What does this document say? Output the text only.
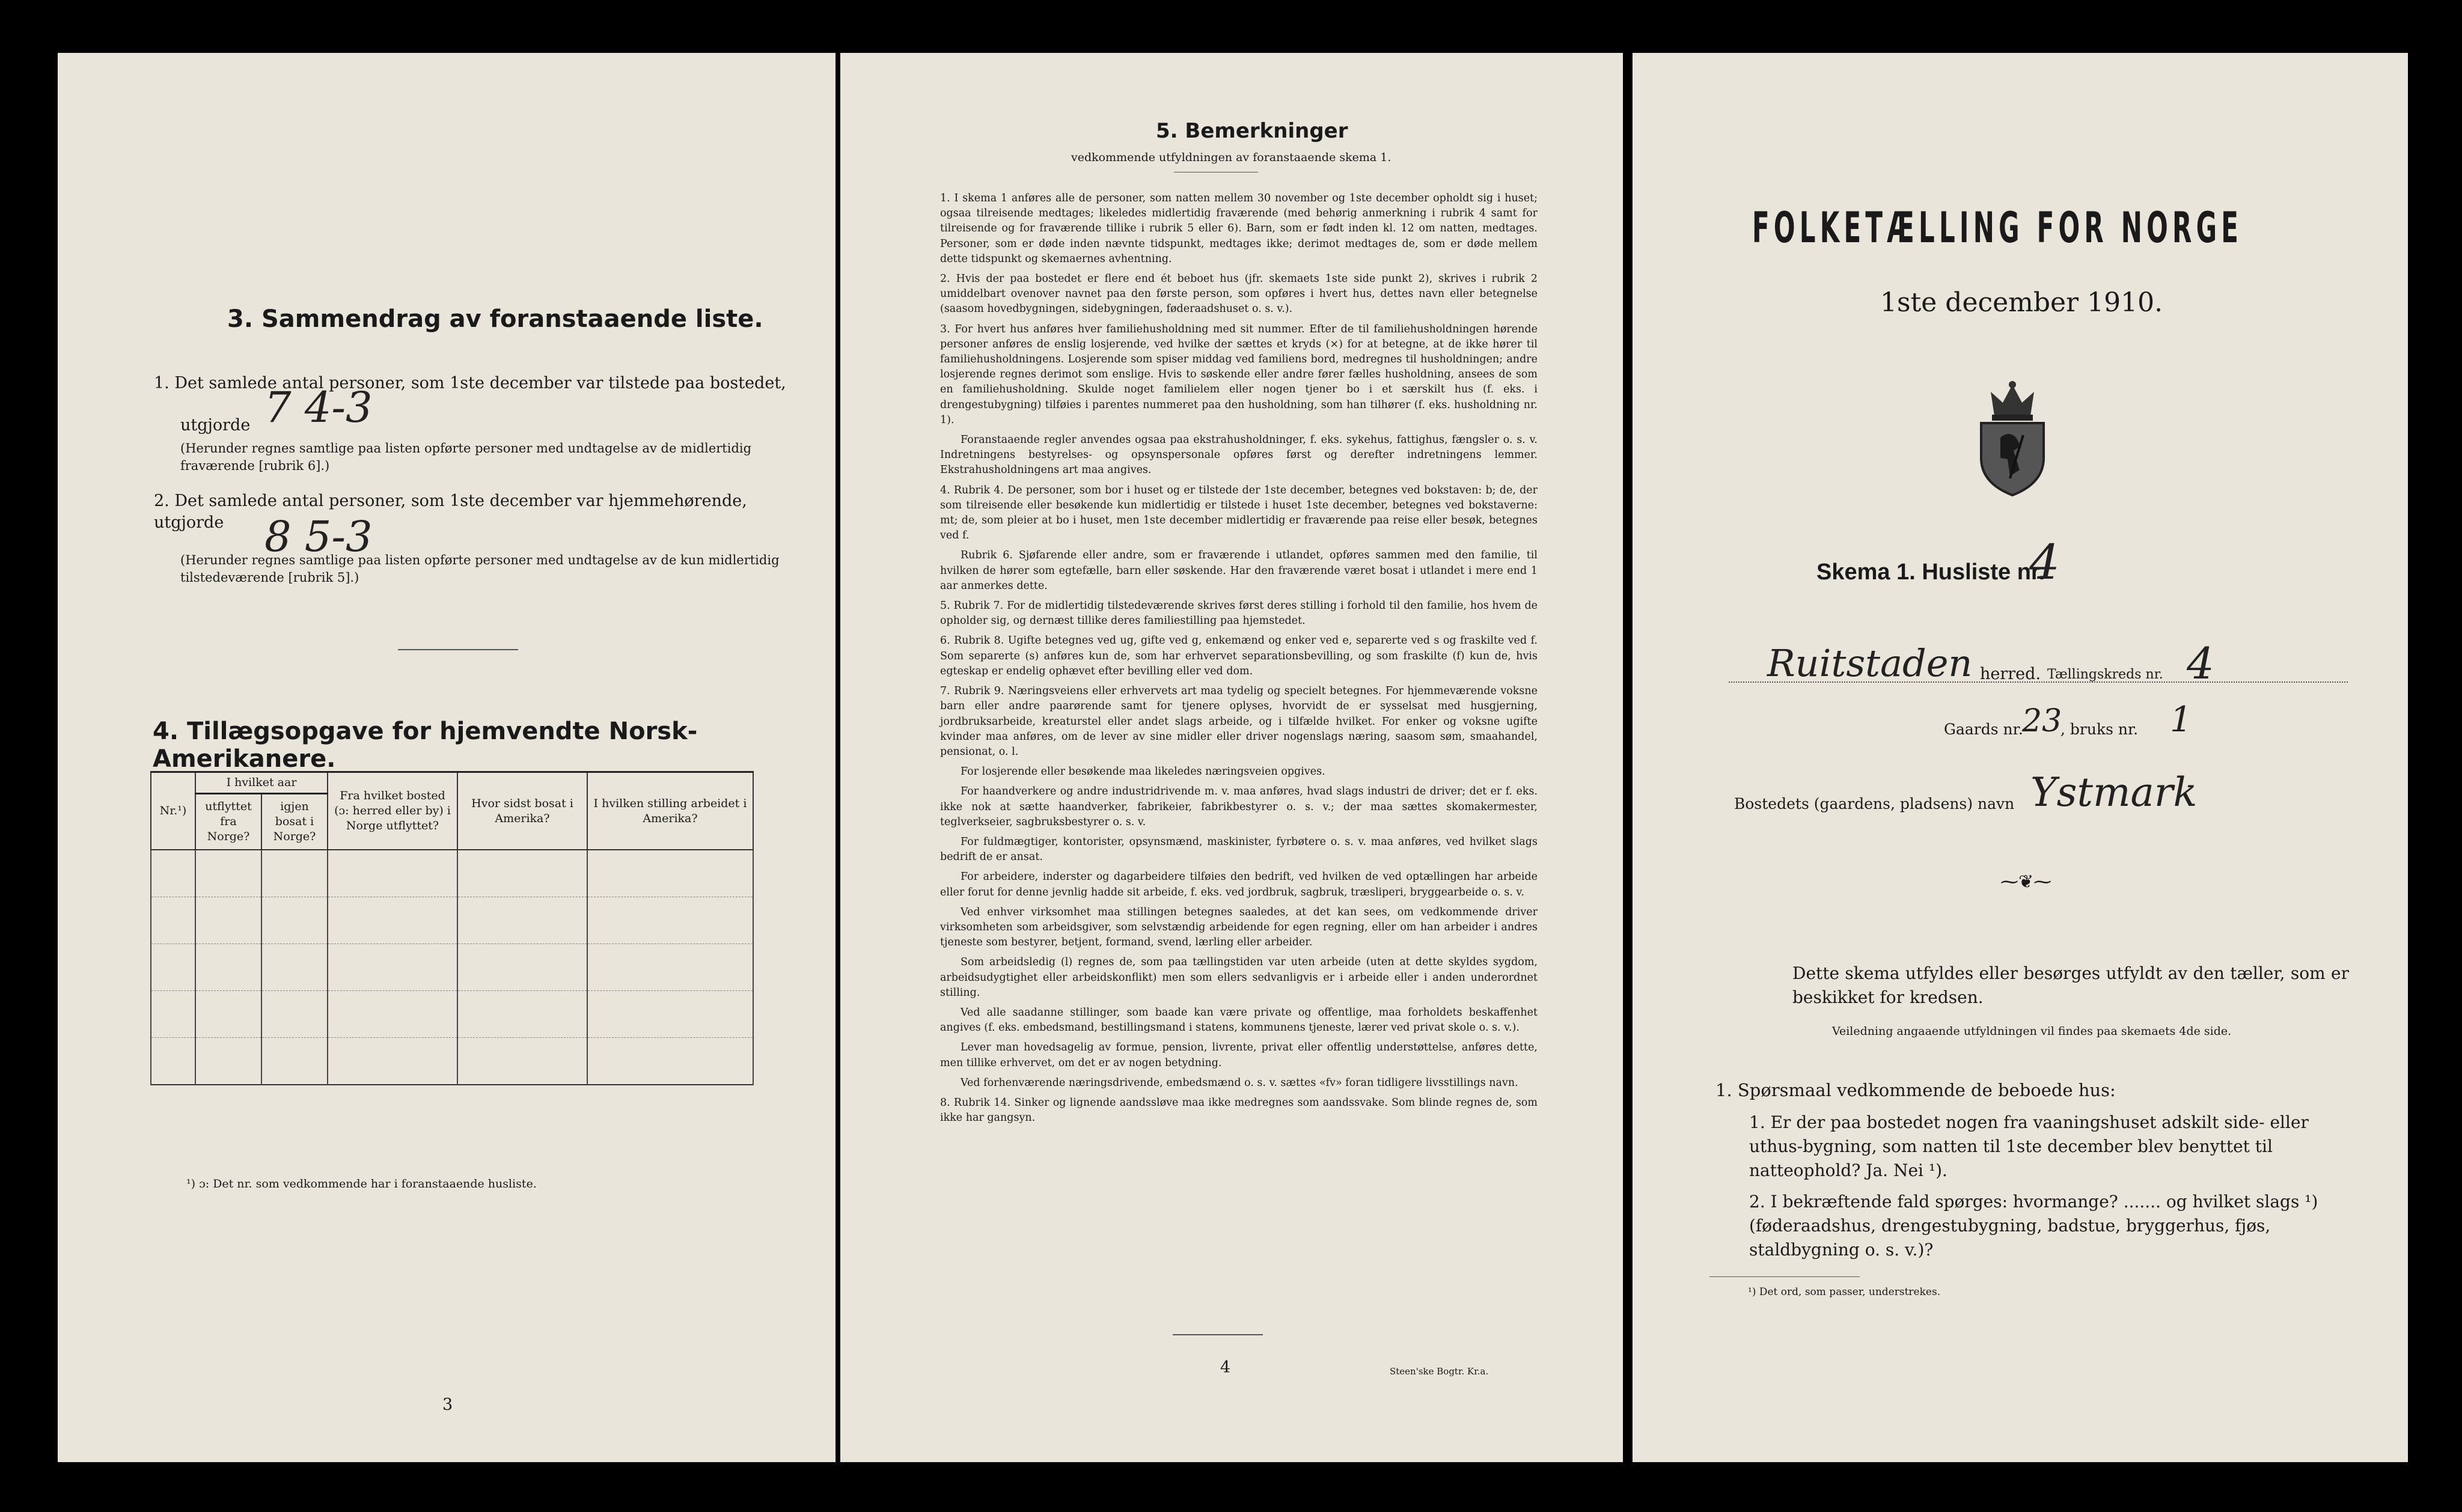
3. Sammendrag av foranstaaende liste.
1. Det samlede antal personer, som 1ste december var tilstede paa bostedet,
utgjorde 7 4-3
(Herunder regnes samtlige paa listen opførte personer med undtagelse av de midlertidig fraværende [rubrik 6].)
2. Det samlede antal personer, som 1ste december var hjemmehørende, utgjorde 8 5-3
(Herunder regnes samtlige paa listen opførte personer med undtagelse av de kun midlertidig tilstedeværende [rubrik 5].)
4. Tillægsopgave for hjemvendte Norsk-Amerikanere.
Nr.¹)	I hvilket aar		Fra hvilket bosted (ɔ: herred eller by) i Norge utflyttet?	Hvor sidst bosat i Amerika?	I hvilken stilling arbeidet i Amerika?
	utflyttet fra Norge?	igjen bosat i Norge?			

¹) ɔ: Det nr. som vedkommende har i foranstaaende husliste.
3
5. Bemerkninger
vedkommende utfyldningen av foranstaaende skema 1.

1. I skema 1 anføres alle de personer, som natten mellem 30 november og 1ste december opholdt sig i huset; ogsaa tilreisende medtages; likeledes midlertidig fraværende (med behørig anmerkning i rubrik 4 samt for tilreisende og for fraværende tillike i rubrik 5 eller 6). Barn, som er født inden kl. 12 om natten, medtages. Personer, som er døde inden nævnte tidspunkt, medtages ikke; derimot medtages de, som er døde mellem dette tidspunkt og skemaernes avhentning.

2. Hvis der paa bostedet er flere end ét beboet hus (jfr. skemaets 1ste side punkt 2), skrives i rubrik 2 umiddelbart ovenover navnet paa den første person, som opføres i hvert hus, dettes navn eller betegnelse (saasom hovedbygningen, sidebygningen, føderaadshuset o. s. v.).

3. For hvert hus anføres hver familiehusholdning med sit nummer. Efter de til familiehusholdningen hørende personer anføres de enslig losjerende, ved hvilke der sættes et kryds (×) for at betegne, at de ikke hører til familiehusholdningens. Losjerende som spiser middag ved familiens bord, medregnes til husholdningen; andre losjerende regnes derimot som enslige. Hvis to søskende eller andre fører fælles husholdning, ansees de som en familiehusholdning. Skulde noget familielem eller nogen tjener bo i et særskilt hus (f. eks. i drengestubygning) tilføies i parentes nummeret paa den husholdning, som han tilhører (f. eks. husholdning nr. 1).

Foranstaaende regler anvendes ogsaa paa ekstrahusholdninger, f. eks. sykehus, fattighus, fængsler o. s. v. Indretningens bestyrelses- og opsynspersonale opføres først og derefter indretningens lemmer. Ekstrahusholdningens art maa angives.

4. Rubrik 4. De personer, som bor i huset og er tilstede der 1ste december, betegnes ved bokstaven: b; de, der som tilreisende eller besøkende kun midlertidig er tilstede i huset 1ste december, betegnes ved bokstaverne: mt; de, som pleier at bo i huset, men 1ste december midlertidig er fraværende paa reise eller besøk, betegnes ved f.

Rubrik 6. Sjøfarende eller andre, som er fraværende i utlandet, opføres sammen med den familie, til hvilken de hører som egtefælle, barn eller søskende. Har den fraværende været bosat i utlandet i mere end 1 aar anmerkes dette.

5. Rubrik 7. For de midlertidig tilstedeværende skrives først deres stilling i forhold til den familie, hos hvem de opholder sig, og dernæst tillike deres familiestilling paa hjemstedet.

6. Rubrik 8. Ugifte betegnes ved ug, gifte ved g, enkemænd og enker ved e, separerte ved s og fraskilte ved f. Som separerte (s) anføres kun de, som har erhvervet separationsbevilling, og som fraskilte (f) kun de, hvis egteskap er endelig ophævet efter bevilling eller ved dom.

7. Rubrik 9. Næringsveiens eller erhvervets art maa tydelig og specielt betegnes. For hjemmeværende voksne barn eller andre paarørende samt for tjenere oplyses, hvorvidt de er sysselsat med husgjerning, jordbruksarbeide, kreaturstel eller andet slags arbeide, og i tilfælde hvilket. For enker og voksne ugifte kvinder maa anføres, om de lever av sine midler eller driver nogenslags næring, saasom søm, smaahandel, pensionat, o. l.

For losjerende eller besøkende maa likeledes næringsveien opgives.

For haandverkere og andre industridrivende m. v. maa anføres, hvad slags industri de driver; det er f. eks. ikke nok at sætte haandverker, fabrikeier, fabrikbestyrer o. s. v.; der maa sættes skomakermester, teglverkseier, sagbruksbestyrer o. s. v.

For fuldmægtiger, kontorister, opsynsmænd, maskinister, fyrbøtere o. s. v. maa anføres, ved hvilket slags bedrift de er ansat.

For arbeidere, inderster og dagarbeidere tilføies den bedrift, ved hvilken de ved optællingen har arbeide eller forut for denne jevnlig hadde sit arbeide, f. eks. ved jordbruk, sagbruk, træsliperi, bryggearbeide o. s. v.

Ved enhver virksomhet maa stillingen betegnes saaledes, at det kan sees, om vedkommende driver virksomheten som arbeidsgiver, som selvstændig arbeidende for egen regning, eller om han arbeider i andres tjeneste som bestyrer, betjent, formand, svend, lærling eller arbeider.

Som arbeidsledig (l) regnes de, som paa tællingstiden var uten arbeide (uten at dette skyldes sygdom, arbeidsudygtighet eller arbeidskonflikt) men som ellers sedvanligvis er i arbeide eller i anden underordnet stilling.

Ved alle saadanne stillinger, som baade kan være private og offentlige, maa forholdets beskaffenhet angives (f. eks. embedsmand, bestillingsmand i statens, kommunens tjeneste, lærer ved privat skole o. s. v.).

Lever man hovedsagelig av formue, pension, livrente, privat eller offentlig understøttelse, anføres dette, men tillike erhvervet, om det er av nogen betydning.

Ved forhenværende næringsdrivende, embedsmænd o. s. v. sættes «fv» foran tidligere livsstillings navn.

8. Rubrik 14. Sinker og lignende aandssløve maa ikke medregnes som aandssvake. Som blinde regnes de, som ikke har gangsyn.

4	Steen'ske Bogtr. Kr.a.
FOLKETÆLLING FOR NORGE
1ste december 1910.
Skema 1. Husliste nr.
4
Ruitstaden herred. Tællingskreds nr. 4
Gaards nr.
23
, bruks nr. 1
Bostedets (gaardens, pladsens) navn Ystmark
⁓❦⁓
Dette skema utfyldes eller besørges utfyldt av den tæller, som er beskikket for kredsen.
Veiledning angaaende utfyldningen vil findes paa skemaets 4de side.
1. Spørsmaal vedkommende de beboede hus:
1. Er der paa bostedet nogen fra vaaningshuset adskilt side- eller uthus-bygning, som natten til 1ste december blev benyttet til natteophold? Ja. Nei ¹).
2. I bekræftende fald spørges: hvormange? ....... og hvilket slags ¹) (føderaadshus, drengestubygning, badstue, bryggerhus, fjøs, staldbygning o. s. v.)?
¹) Det ord, som passer, understrekes.
